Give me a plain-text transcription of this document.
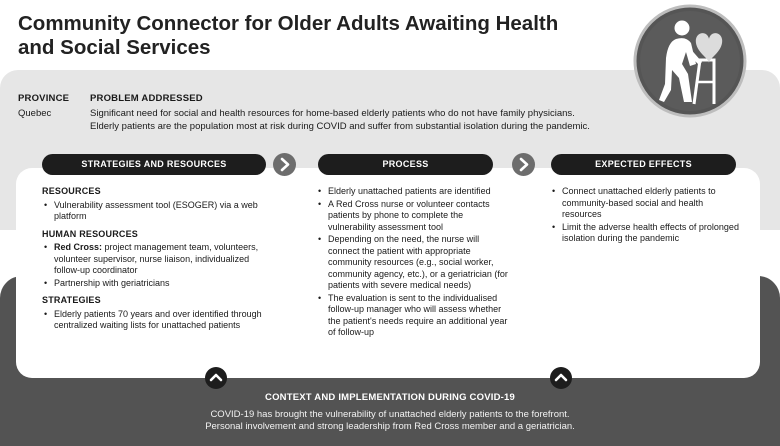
Community Connector for Older Adults Awaiting Health and Social Services
PROVINCE
Quebec
PROBLEM ADDRESSED
Significant need for social and health resources for home-based elderly patients who do not have family physicians.
Elderly patients are the population most at risk during COVID and suffer from substantial isolation during the pandemic.
STRATEGIES AND RESOURCES	PROCESS	EXPECTED EFFECTS
RESOURCES
• Vulnerability assessment tool (ESOGER) via a web platform
HUMAN RESOURCES
• Red Cross: project management team, volunteers, volunteer supervisor, nurse liaison, individualized follow-up coordinator
• Partnership with geriatricians
STRATEGIES
• Elderly patients 70 years and over identified through centralized waiting lists for unattached patients
• Elderly unattached patients are identified
• A Red Cross nurse or volunteer contacts patients by phone to complete the vulnerability assessment tool
• Depending on the need, the nurse will connect the patient with appropriate community resources (e.g., social worker, community agency, etc.), or a geriatrician (for patients with severe medical needs)
• The evaluation is sent to the individualised follow-up manager who will assess whether the patient's needs require an additional year of follow-up
• Connect unattached elderly patients to community-based social and health resources
• Limit the adverse health effects of prolonged isolation during the pandemic
CONTEXT AND IMPLEMENTATION DURING COVID-19
COVID-19 has brought the vulnerability of unattached elderly patients to the forefront.
Personal involvement and strong leadership from Red Cross member and a geriatrician.
